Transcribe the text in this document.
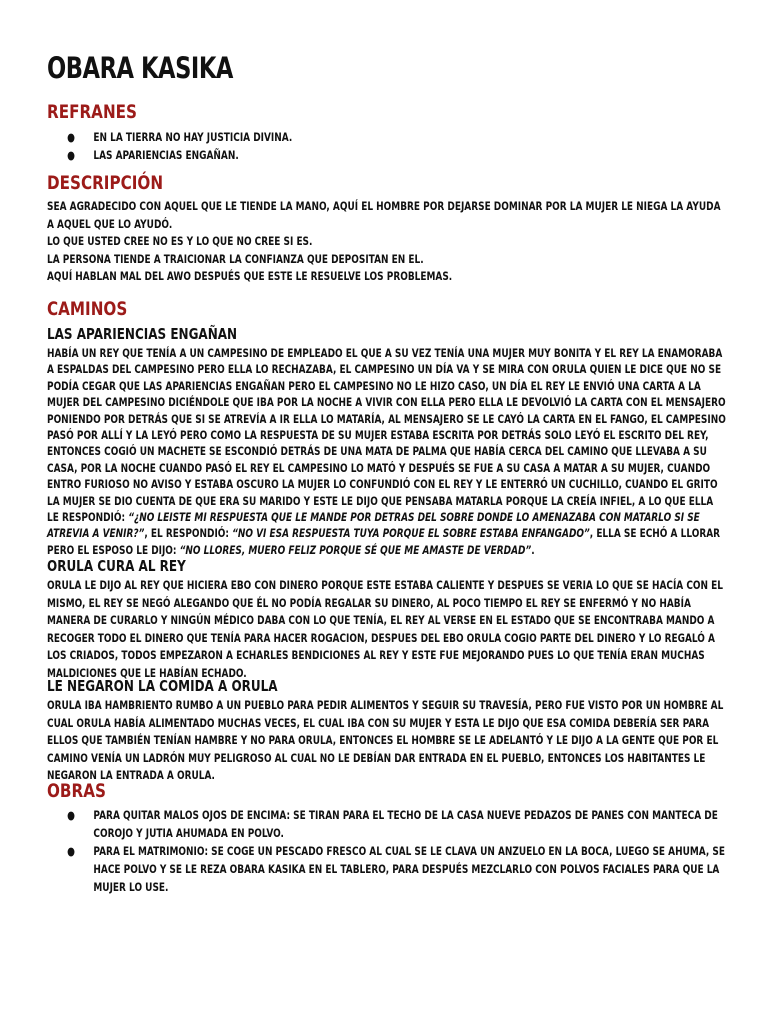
OBARA KASIKA
REFRANES
● EN LA TIERRA NO HAY JUSTICIA DIVINA.
● LAS APARIENCIAS ENGAÑAN.
DESCRIPCIÓN

SEA AGRADECIDO CON AQUEL QUE LE TIENDE LA MANO, AQUÍ EL HOMBRE POR DEJARSE DOMINAR POR LA MUJER LE NIEGA LA AYUDA A AQUEL QUE LO AYUDÓ.

LO QUE USTED CREE NO ES Y LO QUE NO CREE SI ES.

LA PERSONA TIENDE A TRAICIONAR LA CONFIANZA QUE DEPOSITAN EN EL.

AQUÍ HABLAN MAL DEL AWO DESPUÉS QUE ESTE LE RESUELVE LOS PROBLEMAS.

CAMINOS
LAS APARIENCIAS ENGAÑAN

HABÍA UN REY QUE TENÍA A UN CAMPESINO DE EMPLEADO EL QUE A SU VEZ TENÍA UNA MUJER MUY BONITA Y EL REY LA ENAMORABA A ESPALDAS DEL CAMPESINO PERO ELLA LO RECHAZABA, EL CAMPESINO UN DÍA VA Y SE MIRA CON ORULA QUIEN LE DICE QUE NO SE PODÍA CEGAR QUE LAS APARIENCIAS ENGAÑAN PERO EL CAMPESINO NO LE HIZO CASO, UN DÍA EL REY LE ENVIÓ UNA CARTA A LA MUJER DEL CAMPESINO DICIÉNDOLE QUE IBA POR LA NOCHE A VIVIR CON ELLA PERO ELLA LE DEVOLVIÓ LA CARTA CON EL MENSAJERO PONIENDO POR DETRÁS QUE SI SE ATREVÍA A IR ELLA LO MATARÍA, AL MENSAJERO SE LE CAYÓ LA CARTA EN EL FANGO, EL CAMPESINO PASÓ POR ALLÍ Y LA LEYÓ PERO COMO LA RESPUESTA DE SU MUJER ESTABA ESCRITA POR DETRÁS SOLO LEYÓ EL ESCRITO DEL REY, ENTONCES COGIÓ UN MACHETE SE ESCONDIÓ DETRÁS DE UNA MATA DE PALMA QUE HABÍA CERCA DEL CAMINO QUE LLEVABA A SU CASA, POR LA NOCHE CUANDO PASÓ EL REY EL CAMPESINO LO MATÓ Y DESPUÉS SE FUE A SU CASA A MATAR A SU MUJER, CUANDO ENTRO FURIOSO NO AVISO Y ESTABA OSCURO LA MUJER LO CONFUNDIÓ CON EL REY Y LE ENTERRÓ UN CUCHILLO, CUANDO EL GRITO LA MUJER SE DIO CUENTA DE QUE ERA SU MARIDO Y ESTE LE DIJO QUE PENSABA MATARLA PORQUE LA CREÍA INFIEL, A LO QUE ELLA LE RESPONDIÓ: “¿NO LEISTE MI RESPUESTA QUE LE MANDE POR DETRAS DEL SOBRE DONDE LO AMENAZABA CON MATARLO SI SE ATREVIA A VENIR?”, EL RESPONDIÓ: “NO VI ESA RESPUESTA TUYA PORQUE EL SOBRE ESTABA ENFANGADO”, ELLA SE ECHÓ A LLORAR PERO EL ESPOSO LE DIJO: “NO LLORES, MUERO FELIZ PORQUE SÉ QUE ME AMASTE DE VERDAD”.

ORULA CURA AL REY

ORULA LE DIJO AL REY QUE HICIERA EBO CON DINERO PORQUE ESTE ESTABA CALIENTE Y DESPUES SE VERIA LO QUE SE HACÍA CON EL MISMO, EL REY SE NEGÓ ALEGANDO QUE ÉL NO PODÍA REGALAR SU DINERO, AL POCO TIEMPO EL REY SE ENFERMÓ Y NO HABÍA MANERA DE CURARLO Y NINGÚN MÉDICO DABA CON LO QUE TENÍA, EL REY AL VERSE EN EL ESTADO QUE SE ENCONTRABA MANDO A RECOGER TODO EL DINERO QUE TENÍA PARA HACER ROGACION, DESPUES DEL EBO ORULA COGIO PARTE DEL DINERO Y LO REGALÓ A LOS CRIADOS, TODOS EMPEZARON A ECHARLES BENDICIONES AL REY Y ESTE FUE MEJORANDO PUES LO QUE TENÍA ERAN MUCHAS MALDICIONES QUE LE HABÍAN ECHADO.

LE NEGARON LA COMIDA A ORULA

ORULA IBA HAMBRIENTO RUMBO A UN PUEBLO PARA PEDIR ALIMENTOS Y SEGUIR SU TRAVESÍA, PERO FUE VISTO POR UN HOMBRE AL CUAL ORULA HABÍA ALIMENTADO MUCHAS VECES, EL CUAL IBA CON SU MUJER Y ESTA LE DIJO QUE ESA COMIDA DEBERÍA SER PARA ELLOS QUE TAMBIÉN TENÍAN HAMBRE Y NO PARA ORULA, ENTONCES EL HOMBRE SE LE ADELANTÓ Y LE DIJO A LA GENTE QUE POR EL CAMINO VENÍA UN LADRÓN MUY PELIGROSO AL CUAL NO LE DEBÍAN DAR ENTRADA EN EL PUEBLO, ENTONCES LOS HABITANTES LE NEGARON LA ENTRADA A ORULA.

OBRAS
● PARA QUITAR MALOS OJOS DE ENCIMA: SE TIRAN PARA EL TECHO DE LA CASA NUEVE PEDAZOS DE PANES CON MANTECA DE COROJO Y JUTIA AHUMADA EN POLVO.
● PARA EL MATRIMONIO: SE COGE UN PESCADO FRESCO AL CUAL SE LE CLAVA UN ANZUELO EN LA BOCA, LUEGO SE AHUMA, SE HACE POLVO Y SE LE REZA OBARA KASIKA EN EL TABLERO, PARA DESPUÉS MEZCLARLO CON POLVOS FACIALES PARA QUE LA MUJER LO USE.
